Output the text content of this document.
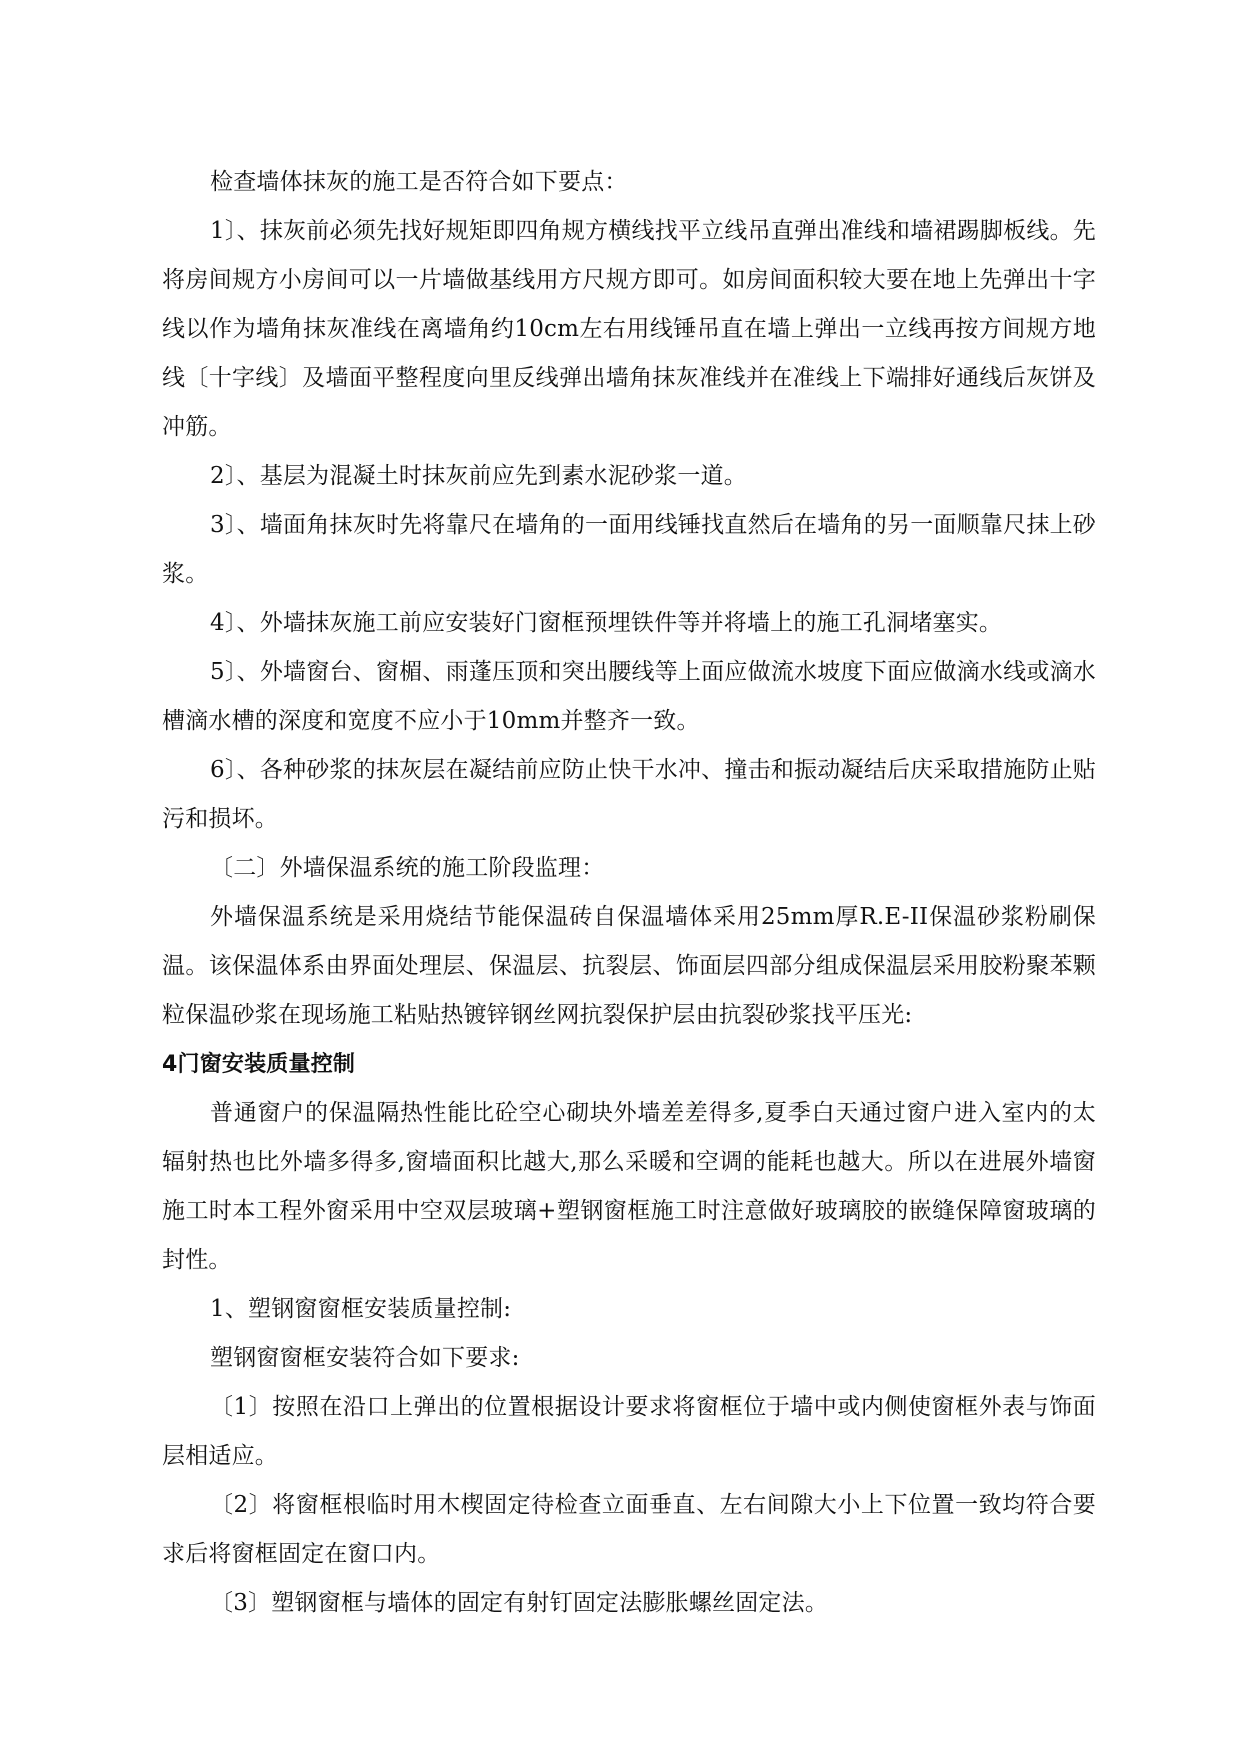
检查墙体抹灰的施工是否符合如下要点：

1〕、抹灰前必须先找好规矩即四角规方横线找平立线吊直弹出准线和墙裙踢脚板线。先将房间规方小房间可以一片墙做基线用方尺规方即可。如房间面积较大要在地上先弹出十字线以作为墙角抹灰准线在离墙角约10cm左右用线锤吊直在墙上弹出一立线再按方间规方地线〔十字线〕及墙面平整程度向里反线弹出墙角抹灰准线并在准线上下端排好通线后灰饼及冲筋。

2〕、基层为混凝土时抹灰前应先到素水泥砂浆一道。

3〕、墙面角抹灰时先将靠尺在墙角的一面用线锤找直然后在墙角的另一面顺靠尺抹上砂浆。

4〕、外墙抹灰施工前应安装好门窗框预埋铁件等并将墙上的施工孔洞堵塞实。

5〕、外墙窗台、窗楣、雨蓬压顶和突出腰线等上面应做流水坡度下面应做滴水线或滴水槽滴水槽的深度和宽度不应小于10mm并整齐一致。

6〕、各种砂浆的抹灰层在凝结前应防止快干水冲、撞击和振动凝结后庆采取措施防止贴污和损坏。

〔二〕外墙保温系统的施工阶段监理：

外墙保温系统是采用烧结节能保温砖自保温墙体采用25mm厚R.E-II保温砂浆粉刷保温。该保温体系由界面处理层、保温层、抗裂层、饰面层四部分组成保温层采用胶粉聚苯颗粒保温砂浆在现场施工粘贴热镀锌钢丝网抗裂保护层由抗裂砂浆找平压光:

4门窗安装质量控制

普通窗户的保温隔热性能比砼空心砌块外墙差差得多,夏季白天通过窗户进入室内的太辐射热也比外墙多得多,窗墙面积比越大,那么采暖和空调的能耗也越大。所以在进展外墙窗施工时本工程外窗采用中空双层玻璃+塑钢窗框施工时注意做好玻璃胶的嵌缝保障窗玻璃的封性。

1、塑钢窗窗框安装质量控制:

塑钢窗窗框安装符合如下要求:

〔1〕按照在沿口上弹出的位置根据设计要求将窗框位于墙中或内侧使窗框外表与饰面层相适应。

〔2〕将窗框根临时用木楔固定待检查立面垂直、左右间隙大小上下位置一致均符合要求后将窗框固定在窗口内。

〔3〕塑钢窗框与墙体的固定有射钉固定法膨胀螺丝固定法。
